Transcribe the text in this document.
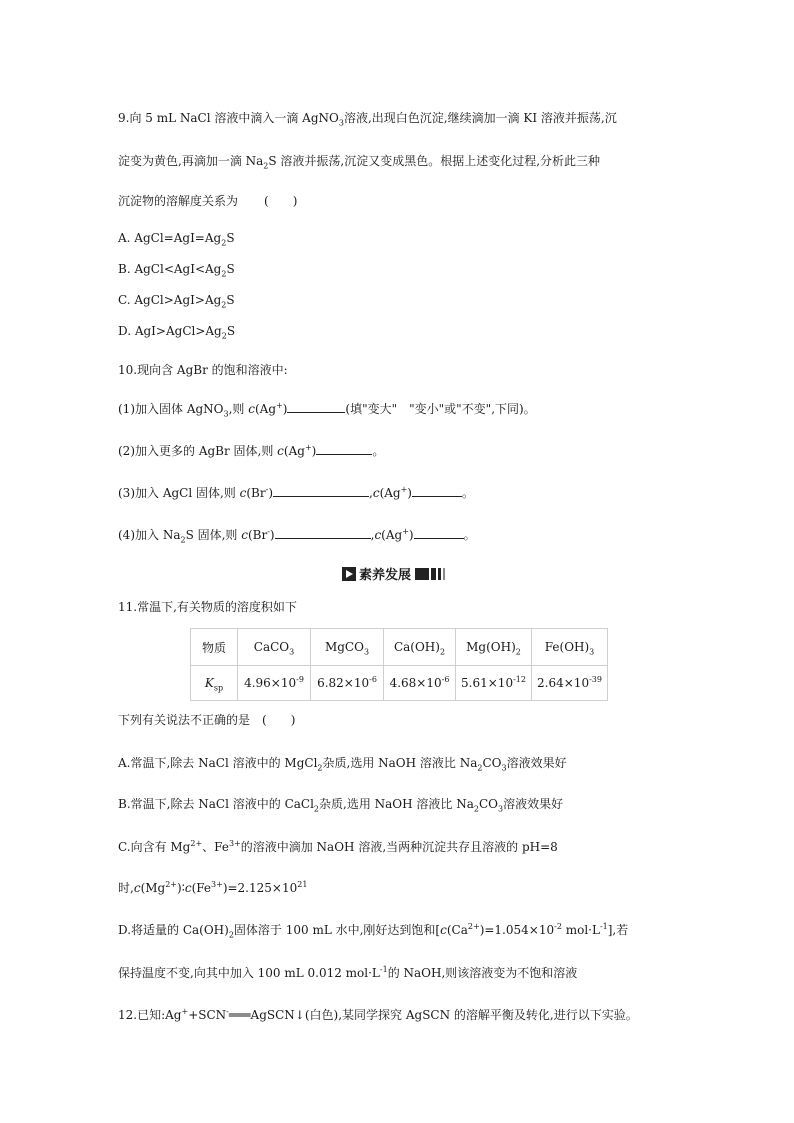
9.向 5 mL NaCl 溶液中滴入一滴 AgNO$_3$溶液,出现白色沉淀,继续滴加一滴 KI 溶液并振荡,沉
淀变为黄色,再滴加一滴 $Na_2S$ 溶液并振荡,沉淀又变成黑色。根据上述变化过程,分析此三种
沉淀物的溶解度关系为 (　　)
A. $AgCl=AgI=Ag_2S$
B. $AgCl<AgI<Ag_2S$
C. $AgCl>AgI>Ag_2S$
D. $AgI>AgCl>Ag_2S$
10.现向含 AgBr 的饱和溶液中:
(1)加入固体 AgNO$_3$,则 c(Ag+)	(填"变大"　"变小"或"不变",下同)。
(2)加入更多的 AgBr 固体,则 c(Ag+)	。
(3)加入 AgCl 固体,则 c(Br-)	,c(Ag+)	。
(4)加入 $Na_2S$ 固体,则 c(Br-)	,c(Ag+)	。
素养发展
11.常温下,有关物质的溶度积如下
物质	CaCO$_3$	MgCO$_3$	$Ca(OH)_2$	$Mg(OH)_2$	$Fe(OH)_3$
$K_{sp}$	$4.96\times 10^{-9}$	$6.82\times 10^{-6}$	$4.68\times 10^{-6}$	$5.61\times 10^{-12}$	$2.64\times 10^{-39}$
下列有关说法不正确的是 (　　)
A.常温下,除去 NaCl 溶液中的 MgCl$_2$杂质,选用 NaOH 溶液比 $Na_2CO_3$溶液效果好
B.常温下,除去 NaCl 溶液中的 CaCl$_2$杂质,选用 NaOH 溶液比 $Na_2CO_3$溶液效果好
C.向含有 $Mg^{2+}$、$Fe^{3+}$的溶液中滴加 NaOH 溶液,当两种沉淀共存且溶液的 pH=8
时$,c(Mg^{2+})∶c(Fe^{3+})=2.125\times 10^{21}$
D.将适量的 $Ca(OH)_2$固体溶于 100 mL 水中,刚好达到饱和[$c(Ca^{2+})=1.054\times 10^{-2}$ $mol\cdot L^{-1}$],若
保持温度不变,向其中加入 100 mL 0.012 $mol\cdot L^{-1}$的 NaOH,则该溶液变为不饱和溶液
12.已知:Ag++SCN-═══AgSCN↓(白色),某同学探究 AgSCN 的溶解平衡及转化,进行以下实验。
